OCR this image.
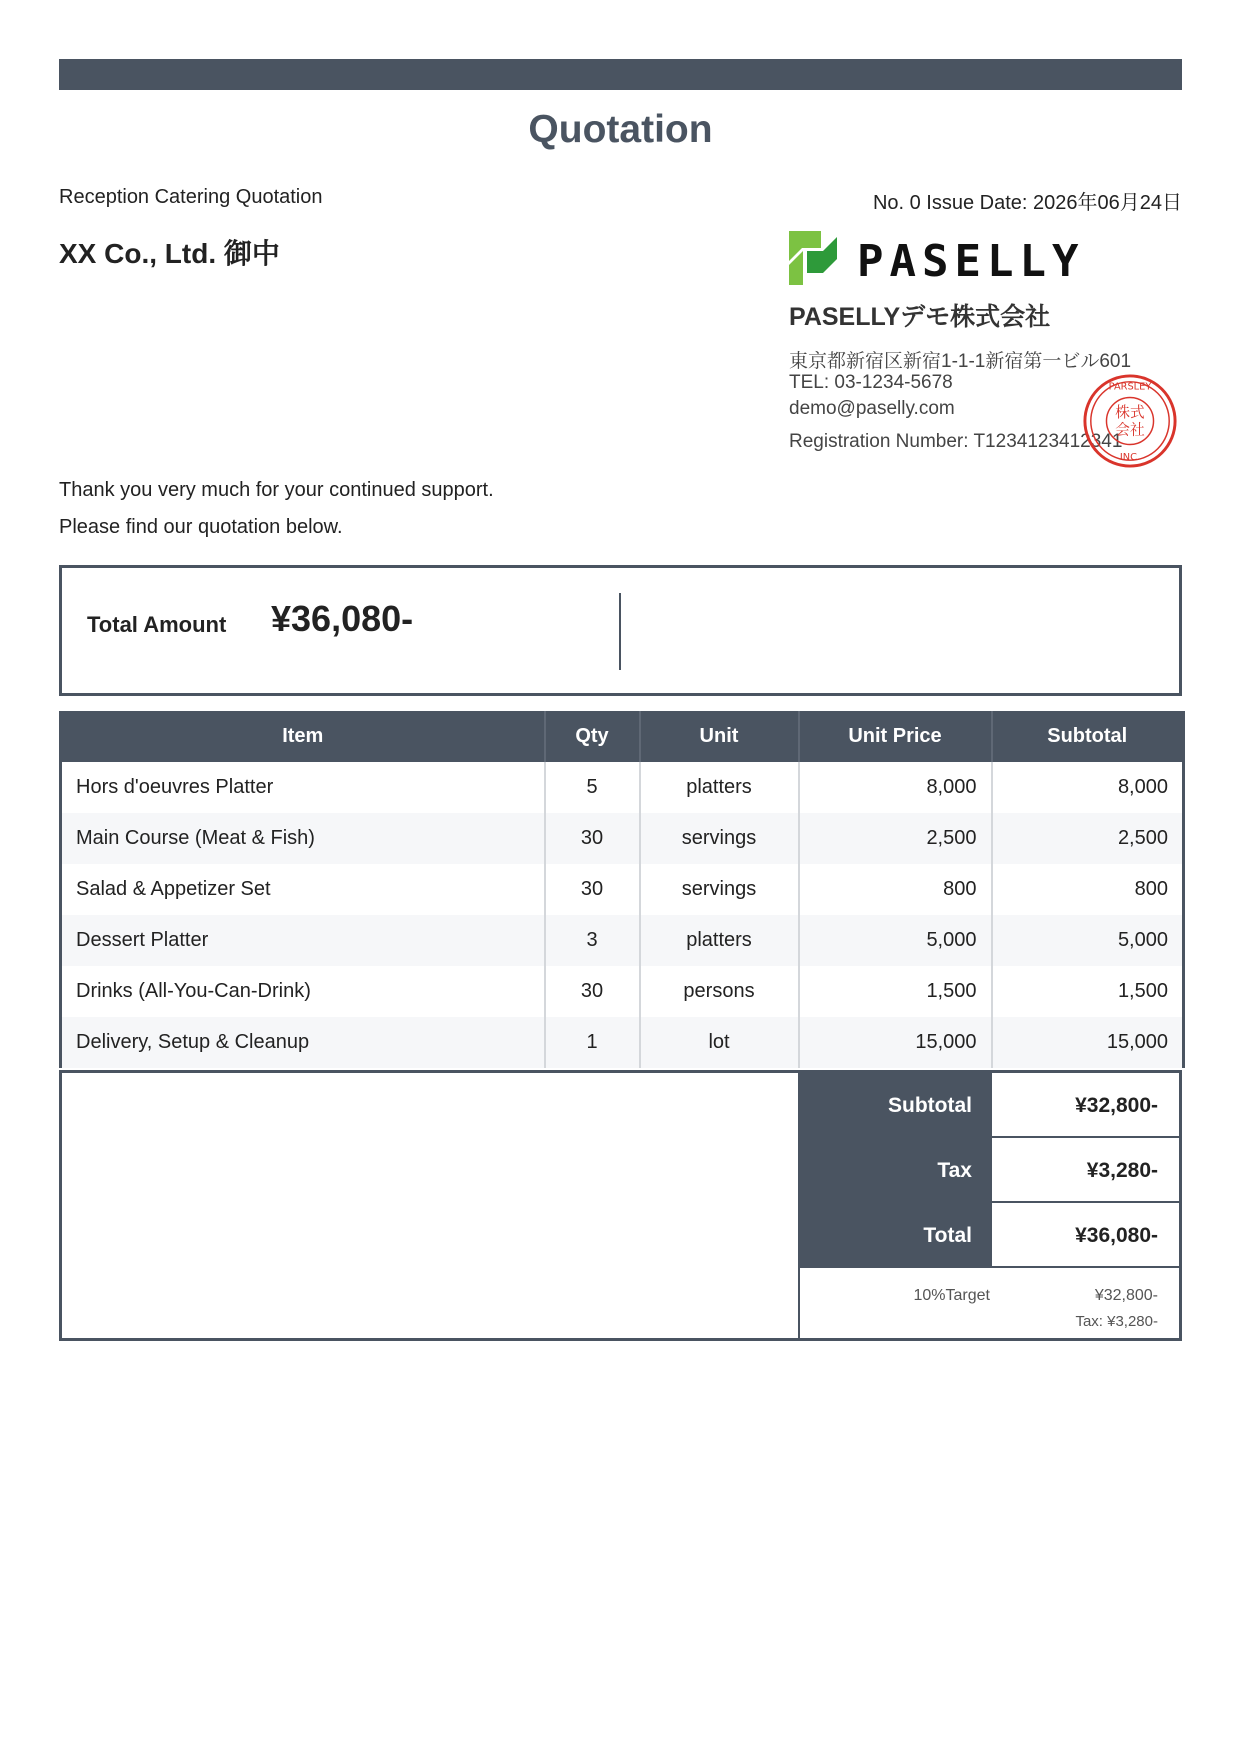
Quotation
Reception Catering Quotation	No. 0 Issue Date: 2026年06月24日
XX Co., Ltd. 御中	PASELLY
PASELLYデモ株式会社
東京都新宿区新宿1-1-1新宿第一ビル601
TEL: 03-1234-5678
demo@paselly.com
Registration Number: T1234123412341
株式
会社
PARSLEY
INC.
Thank you very much for your continued support.
Please find our quotation below.
Total Amount ¥36,080-
Item	Qty	Unit	Unit Price	Subtotal
Hors d'oeuvres Platter	5	platters	8,000	8,000
Main Course (Meat & Fish)	30	servings	2,500	2,500
Salad & Appetizer Set	30	servings	800	800
Dessert Platter	3	platters	5,000	5,000
Drinks (All-You-Can-Drink)	30	persons	1,500	1,500
Delivery, Setup & Cleanup	1	lot	15,000	15,000
Subtotal	¥32,800-
Tax	¥3,280-
Total	¥36,080-
10%Target	¥32,800-
Tax: ¥3,280-
